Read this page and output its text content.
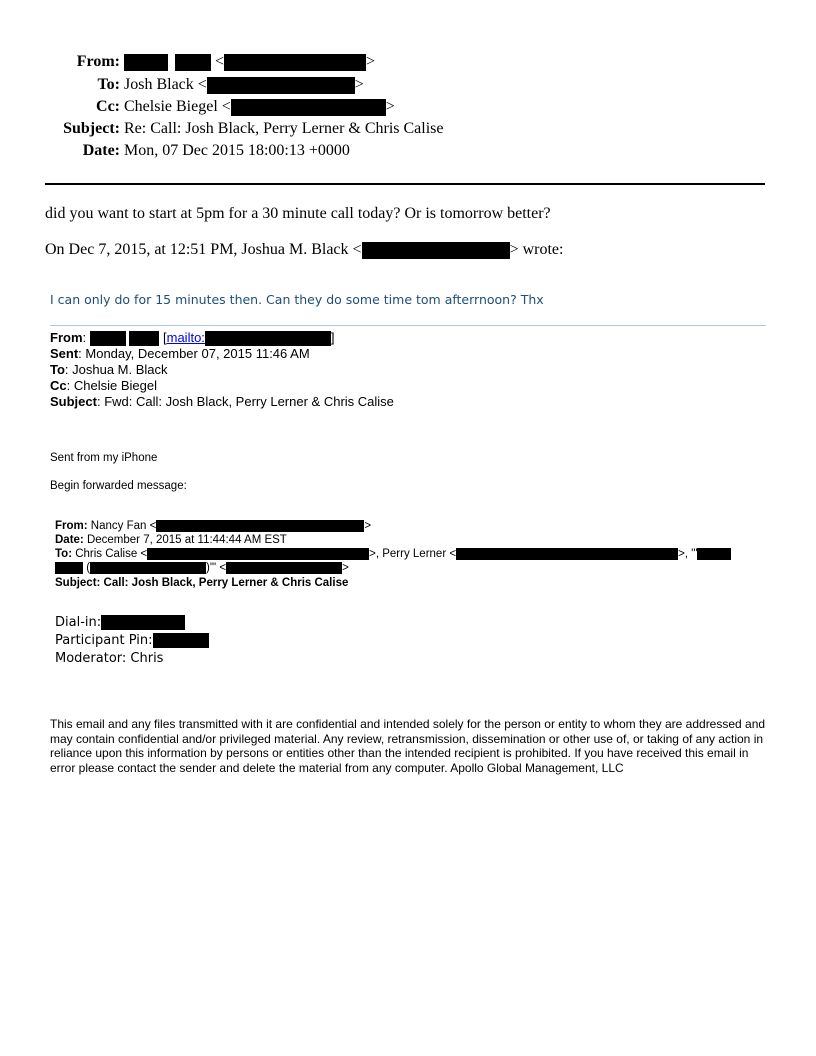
From:	<	>
To: Josh Black <	>
Cc: Chelsie Biegel <	>
Subject: Re: Call: Josh Black, Perry Lerner & Chris Calise
Date: Mon, 07 Dec 2015 18:00:13 +0000
did you want to start at 5pm for a 30 minute call today? Or is tomorrow better?
On Dec 7, 2015, at 12:51 PM, Joshua M. Black <	> wrote:
I can only do for 15 minutes then. Can they do some time tom afterrnoon? Thx
From:	[mailto:	]
Sent: Monday, December 07, 2015 11:46 AM
To: Joshua M. Black
Cc: Chelsie Biegel
Subject: Fwd: Call: Josh Black, Perry Lerner & Chris Calise
Sent from my iPhone
Begin forwarded message:
From: Nancy Fan <	>
Date: December 7, 2015 at 11:44:44 AM EST
To: Chris Calise <	>, Perry Lerner <	>, '"
(	)'" <	>
Subject: Call: Josh Black, Perry Lerner & Chris Calise
Dial-in:
Participant Pin:
Moderator: Chris
This email and any files transmitted with it are confidential and intended solely for the person or entity to whom they are addressed and may contain confidential and/or privileged material. Any review, retransmission, dissemination or other use of, or taking of any action in reliance upon this information by persons or entities other than the intended recipient is prohibited. If you have received this email in error please contact the sender and delete the material from any computer. Apollo Global Management, LLC
